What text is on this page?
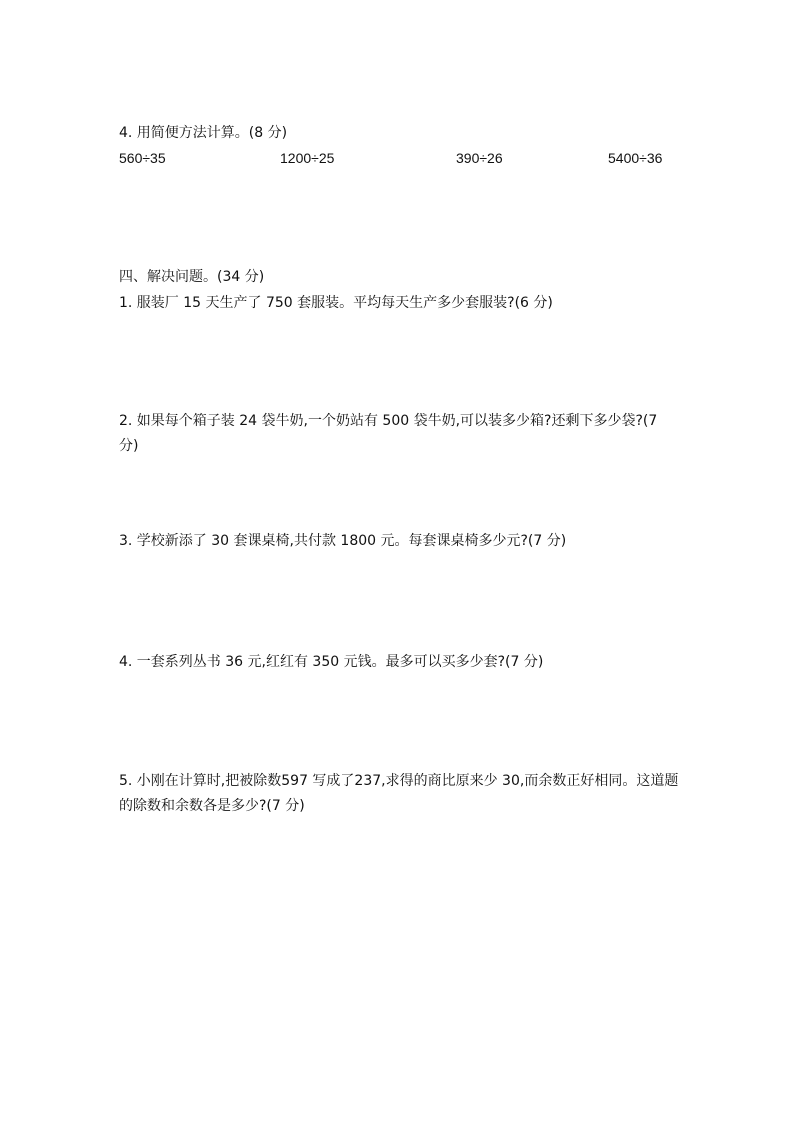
4. 用简便方法计算。(8 分)
560÷35	1200÷25	390÷26	5400÷36
四、解决问题。(34 分)
1. 服装厂 15 天生产了 750 套服装。平均每天生产多少套服装?(6 分)
2. 如果每个箱子装 24 袋牛奶,一个奶站有 500 袋牛奶,可以装多少箱?还剩下多少袋?(7 分)
3. 学校新添了 30 套课桌椅,共付款 1800 元。每套课桌椅多少元?(7 分)
4. 一套系列丛书 36 元,红红有 350 元钱。最多可以买多少套?(7 分)
5. 小刚在计算时,把被除数597 写成了237,求得的商比原来少 30,而余数正好相同。这道题的除数和余数各是多少?(7 分)
